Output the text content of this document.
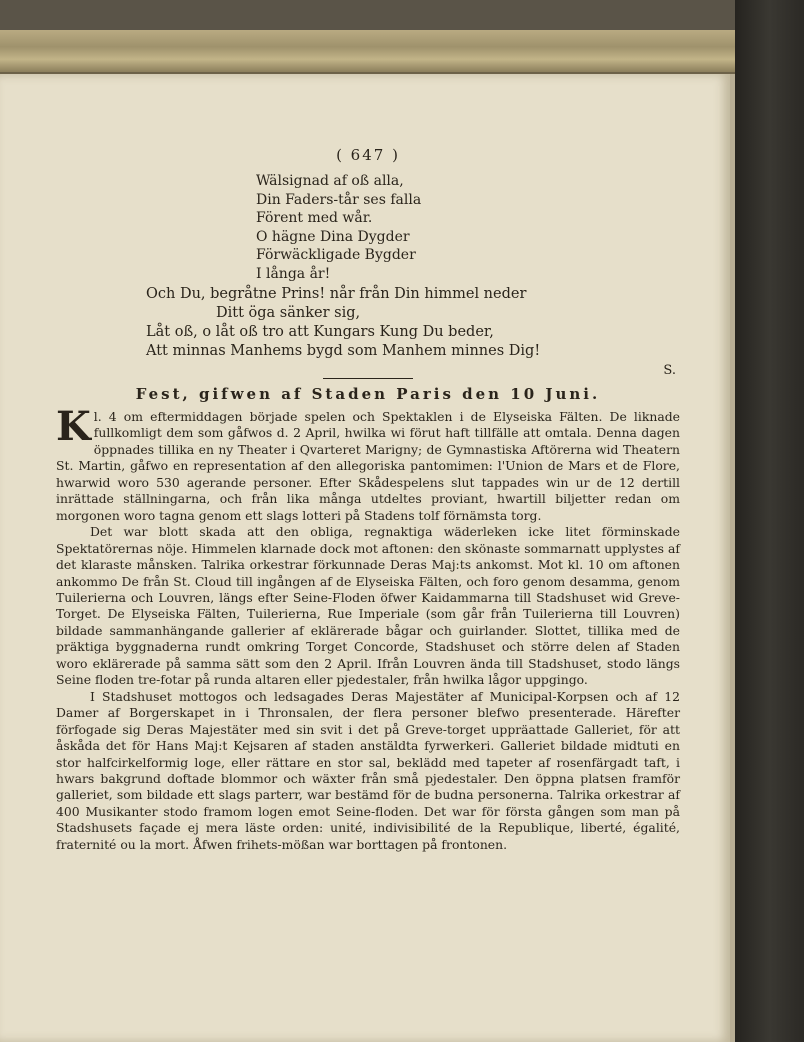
( 647 )
Wälsignad af oß alla,
Din Faders-tår ses falla
Förent med wår.
O hägne Dina Dygder
Förwäckligade Bygder
I långa år!
Och Du, begråtne Prins! når från Din himmel neder
Ditt öga sänker sig,
Låt oß, o låt oß tro att Kungars Kung Du beder,
Att minnas Manhems bygd som Manhem minnes Dig!
S.
Fest, gifwen af Staden Paris den 10 Juni.

Kl. 4 om eftermiddagen började spelen och Spektaklen i de Elyseiska Fälten. De liknade fullkomligt dem som gåfwos d. 2 April, hwilka wi förut haft tillfälle att omtala. Denna dagen öppnades tillika en ny Theater i Qvarteret Marigny; de Gymnastiska Aftörerna wid Theatern St. Martin, gåfwo en representation af den allegoriska pantomimen: l'Union de Mars et de Flore, hwarwid woro 530 agerande personer. Efter Skådespelens slut tappades win ur de 12 dertill inrättade ställningarna, och från lika många utdeltes proviant, hwartill biljetter redan om morgonen woro tagna genom ett slags lotteri på Stadens tolf förnämsta torg.

Det war blott skada att den obliga, regnaktiga wäderleken icke litet förminskade Spektatörernas nöje. Himmelen klarnade dock mot aftonen: den skönaste sommarnatt upplystes af det klaraste månsken. Talrika orkestrar förkunnade Deras Maj:ts ankomst. Mot kl. 10 om aftonen ankommo De från St. Cloud till ingången af de Elyseiska Fälten, och foro genom desamma, genom Tuilerierna och Louvren, längs efter Seine-Floden öfwer Kaidammarna till Stadshuset wid Greve-Torget. De Elyseiska Fälten, Tuilerierna, Rue Imperiale (som går från Tuilerierna till Louvren) bildade sammanhängande gallerier af eklärerade bågar och guirlander. Slottet, tillika med de präktiga byggnaderna rundt omkring Torget Concorde, Stadshuset och större delen af Staden woro eklärerade på samma sätt som den 2 April. Ifrån Louvren ända till Stadshuset, stodo längs Seine floden tre-fotar på runda altaren eller pjedestaler, från hwilka lågor uppgingo.

I Stadshuset mottogos och ledsagades Deras Majestäter af Municipal-Korpsen och af 12 Damer af Borgerskapet in i Thronsalen, der flera personer blefwo presenterade. Härefter förfogade sig Deras Majestäter med sin svit i det på Greve-torget uppräattade Galleriet, för att åskåda det för Hans Maj:t Kejsaren af staden anstäldta fyrwerkeri. Galleriet bildade midtuti en stor halfcirkelformig loge, eller rättare en stor sal, beklädd med tapeter af rosenfärgadt taft, i hwars bakgrund doftade blommor och wäxter från små pjedestaler. Den öppna platsen framför galleriet, som bildade ett slags parterr, war bestämd för de budna personerna. Talrika orkestrar af 400 Musikanter stodo framom logen emot Seine-floden. Det war för första gången som man på Stadshusets façade ej mera läste orden: unité, indivisibilité de la Republique, liberté, égalité, fraternité ou la mort. Åfwen frihets-mößan war borttagen på frontonen.
